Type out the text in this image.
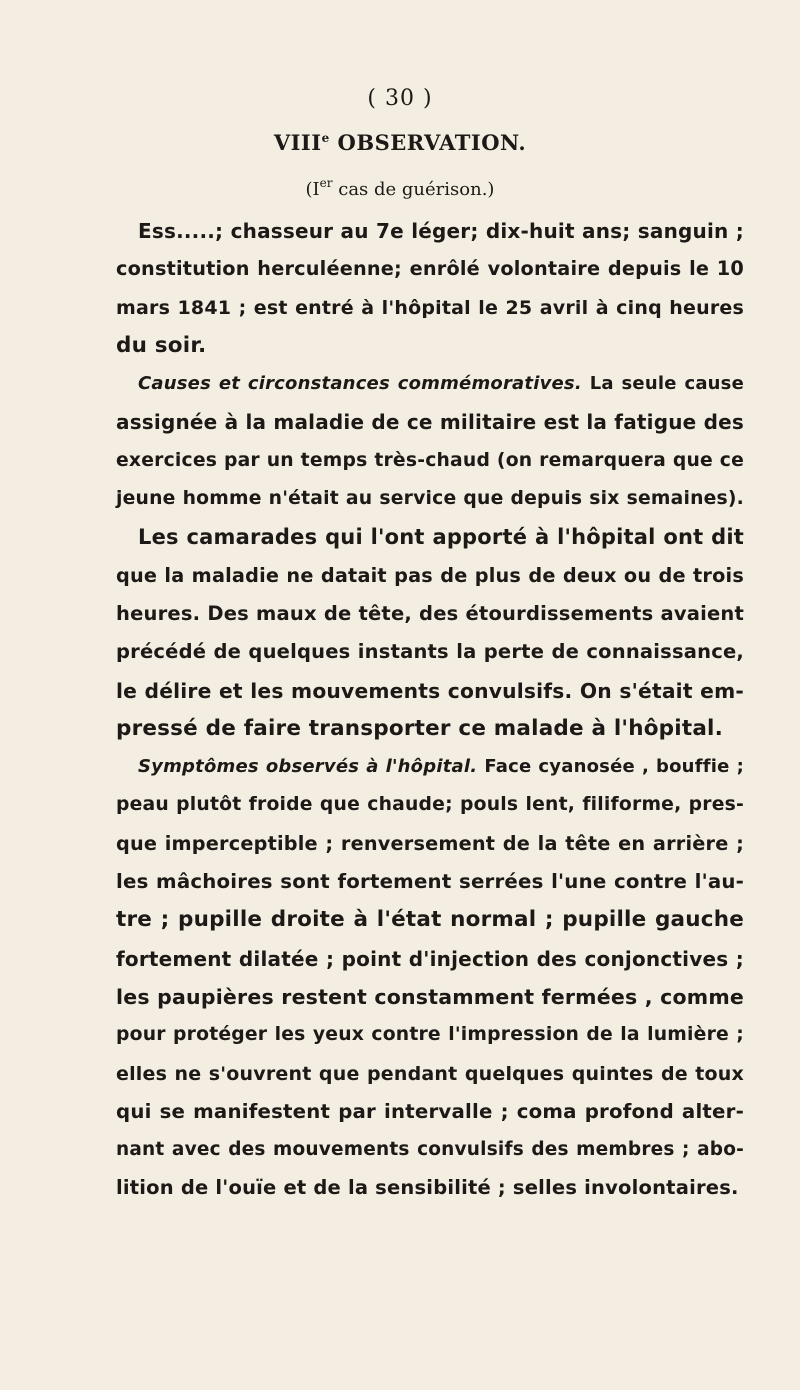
( 30 )
VIIIe OBSERVATION.
(Ier cas de guérison.)
Ess.....; chasseur au 7e léger; dix-huit ans; sanguin ;
constitution herculéenne; enrôlé volontaire depuis le 10
mars 1841 ; est entré à l'hôpital le 25 avril à cinq heures
du soir.
Causes et circonstances commémoratives. La seule cause
assignée à la maladie de ce militaire est la fatigue des
exercices par un temps très-chaud (on remarquera que ce
jeune homme n'était au service que depuis six semaines).
Les camarades qui l'ont apporté à l'hôpital ont dit
que la maladie ne datait pas de plus de deux ou de trois
heures. Des maux de tête, des étourdissements avaient
précédé de quelques instants la perte de connaissance,
le délire et les mouvements convulsifs. On s'était em-
pressé de faire transporter ce malade à l'hôpital.
Symptômes observés à l'hôpital. Face cyanosée , bouffie ;
peau plutôt froide que chaude; pouls lent, filiforme, pres-
que imperceptible ; renversement de la tête en arrière ;
les mâchoires sont fortement serrées l'une contre l'au-
tre ; pupille droite à l'état normal ; pupille gauche
fortement dilatée ; point d'injection des conjonctives ;
les paupières restent constamment fermées , comme
pour protéger les yeux contre l'impression de la lumière ;
elles ne s'ouvrent que pendant quelques quintes de toux
qui se manifestent par intervalle ; coma profond alter-
nant avec des mouvements convulsifs des membres ; abo-
lition de l'ouïe et de la sensibilité ; selles involontaires.
